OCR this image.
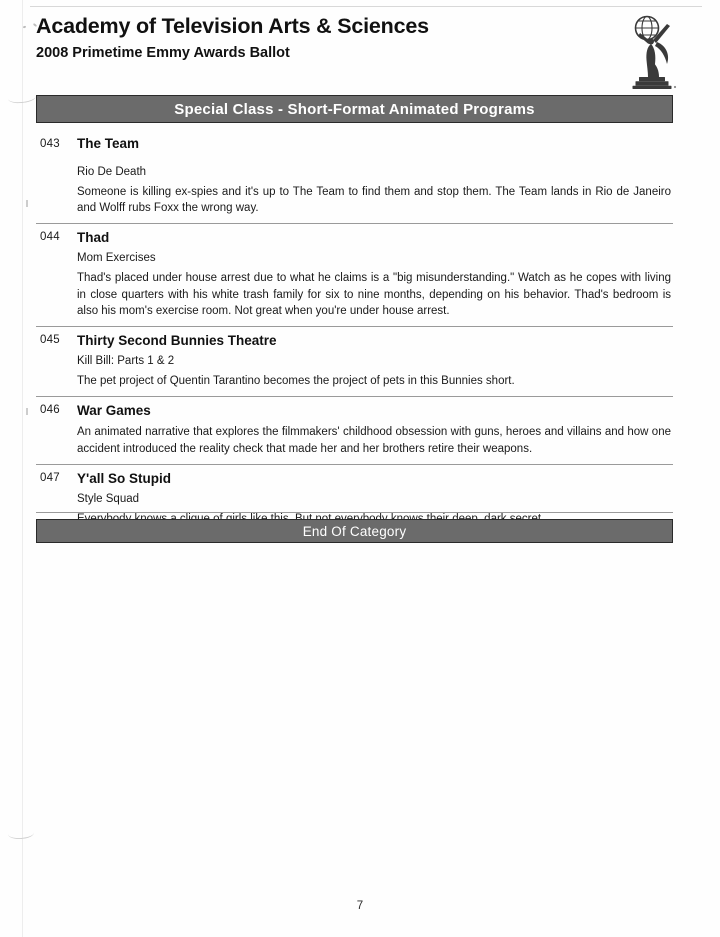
Academy of Television Arts & Sciences
2008 Primetime Emmy Awards Ballot
Special Class - Short-Format Animated Programs
043	The Team
Rio De Death
Someone is killing ex-spies and it's up to The Team to find them and stop them. The Team lands in Rio de Janeiro and Wolff rubs Foxx the wrong way.
044	Thad
Mom Exercises
Thad's placed under house arrest due to what he claims is a "big misunderstanding." Watch as he copes with living in close quarters with his white trash family for six to nine months, depending on his behavior. Thad's bedroom is also his mom's exercise room. Not great when you're under house arrest.
045	Thirty Second Bunnies Theatre
Kill Bill: Parts 1 & 2
The pet project of Quentin Tarantino becomes the project of pets in this Bunnies short.
046	War Games
An animated narrative that explores the filmmakers' childhood obsession with guns, heroes and villains and how one accident introduced the reality check that made her and her brothers retire their weapons.
047	Y'all So Stupid
Style Squad
End Of Category
7
